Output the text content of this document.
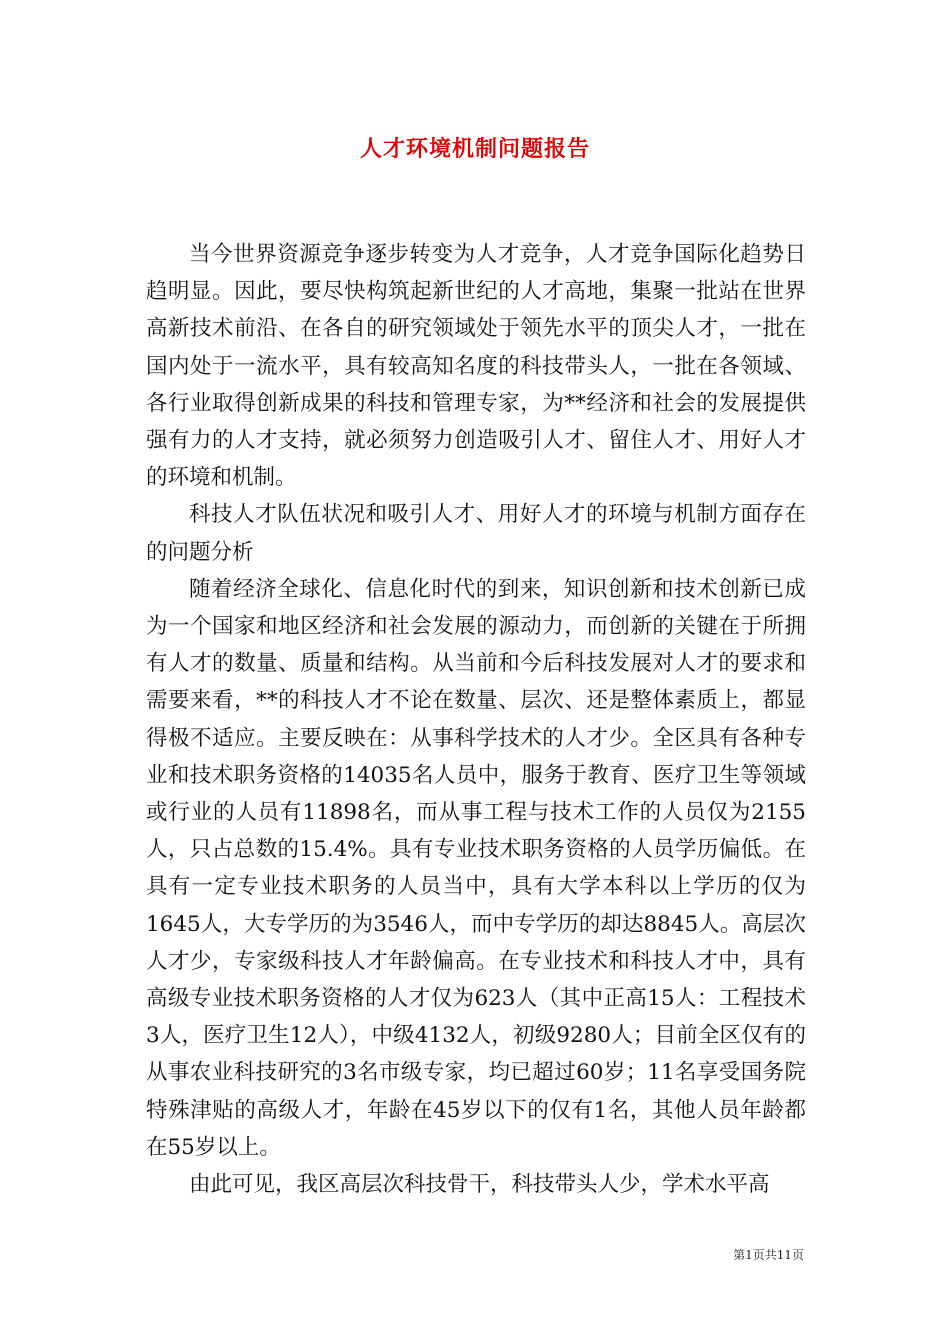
人才环境机制问题报告

当今世界资源竞争逐步转变为人才竞争，人才竞争国际化趋势日趋明显。因此，要尽快构筑起新世纪的人才高地，集聚一批站在世界高新技术前沿、在各自的研究领域处于领先水平的顶尖人才，一批在国内处于一流水平，具有较高知名度的科技带头人，一批在各领域、各行业取得创新成果的科技和管理专家，为**经济和社会的发展提供强有力的人才支持，就必须努力创造吸引人才、留住人才、用好人才的环境和机制。

科技人才队伍状况和吸引人才、用好人才的环境与机制方面存在的问题分析

随着经济全球化、信息化时代的到来，知识创新和技术创新已成为一个国家和地区经济和社会发展的源动力，而创新的关键在于所拥有人才的数量、质量和结构。从当前和今后科技发展对人才的要求和需要来看，**的科技人才不论在数量、层次、还是整体素质上，都显得极不适应。主要反映在：从事科学技术的人才少。全区具有各种专业和技术职务资格的14035名人员中，服务于教育、医疗卫生等领域或行业的人员有11898名，而从事工程与技术工作的人员仅为2155人，只占总数的15.4%。具有专业技术职务资格的人员学历偏低。在具有一定专业技术职务的人员当中，具有大学本科以上学历的仅为1645人，大专学历的为3546人，而中专学历的却达8845人。高层次人才少，专家级科技人才年龄偏高。在专业技术和科技人才中，具有高级专业技术职务资格的人才仅为623人（其中正高15人：工程技术3人，医疗卫生12人），中级4132人，初级9280人；目前全区仅有的从事农业科技研究的3名市级专家，均已超过60岁；11名享受国务院特殊津贴的高级人才，年龄在45岁以下的仅有1名，其他人员年龄都在55岁以上。

由此可见，我区高层次科技骨干，科技带头人少，学术水平高

第1页共11页
